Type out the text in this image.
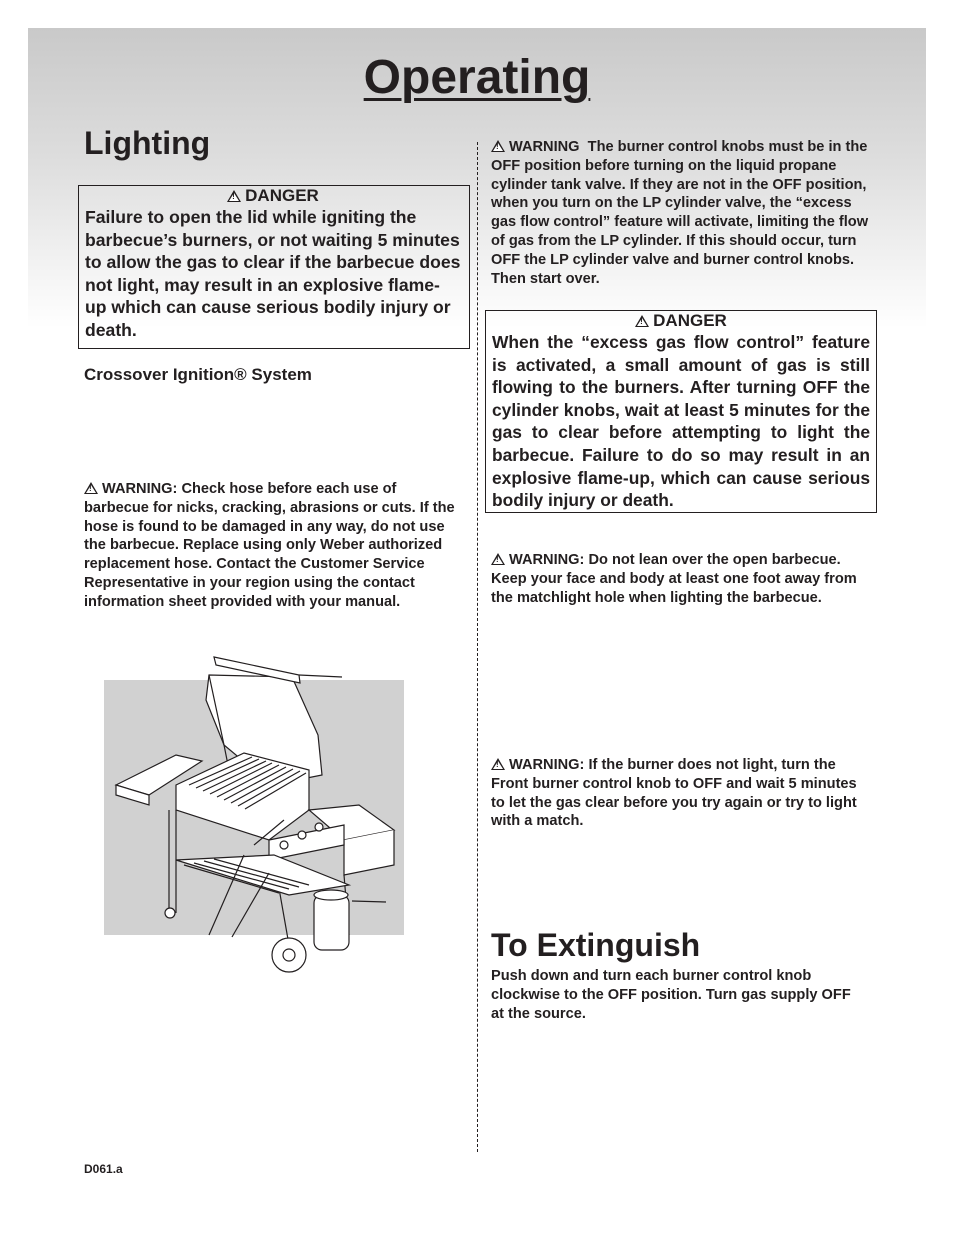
Operating
Lighting

!DANGER

Failure to open the lid while igniting the barbecue’s burners, or not waiting 5 minutes to allow the gas to clear if the barbecue does not light, may result in an explosive flame-up which can cause serious bodily injury or death.

Crossover Ignition® System

!WARNING: Check hose before each use of barbecue for nicks, cracking, abrasions or cuts. If the hose is found to be damaged in any way, do not use the barbecue. Replace using only Weber authorized replacement hose. Contact the Customer Service Representative in your region using the contact information sheet provided with your manual.

!WARNING The burner control knobs must be in the OFF position before turning on the liquid propane cylinder tank valve. If they are not in the OFF position, when you turn on the LP cylinder valve, the “excess gas flow control” feature will activate, limiting the flow of gas from the LP cylinder. If this should occur, turn OFF the LP cylinder valve and burner control knobs. Then start over.

!DANGER

When the “excess gas flow control” feature is activated, a small amount of gas is still flowing to the burners. After turning OFF the cylinder knobs, wait at least 5 minutes for the gas to clear before attempting to light the barbecue. Failure to do so may result in an explosive flame-up, which can cause serious bodily injury or death.

!WARNING: Do not lean over the open barbecue. Keep your face and body at least one foot away from the matchlight hole when lighting the barbecue.

!WARNING: If the burner does not light, turn the Front burner control knob to OFF and wait 5 minutes to let the gas clear before you try again or try to light with a match.

To Extinguish

Push down and turn each burner control knob clockwise to the OFF position. Turn gas supply OFF at the source.

D061.a
